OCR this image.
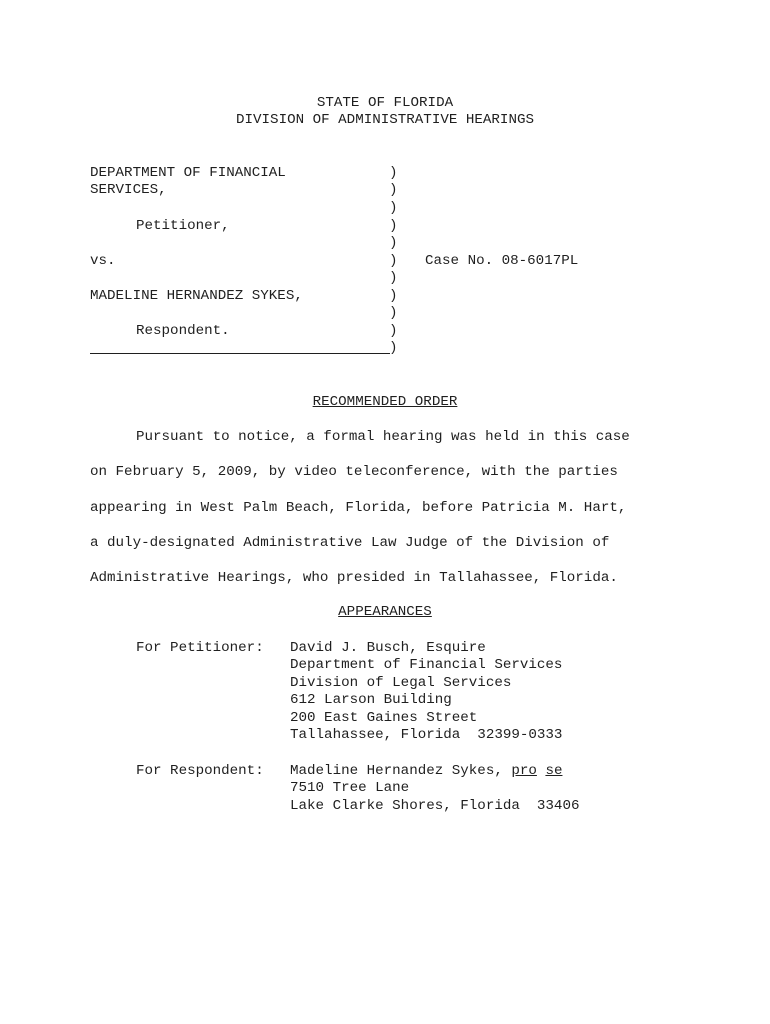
STATE OF FLORIDA
DIVISION OF ADMINISTRATIVE HEARINGS
DEPARTMENT OF FINANCIAL
SERVICES,
Petitioner,
vs.
MADELINE HERNANDEZ SYKES,
Respondent.
)
)
)
)
)
)
)
)
)
)
)
Case No. 08-6017PL
RECOMMENDED ORDER
Pursuant to notice, a formal hearing was held in this case
on February 5, 2009, by video teleconference, with the parties
appearing in West Palm Beach, Florida, before Patricia M. Hart,
a duly-designated Administrative Law Judge of the Division of
Administrative Hearings, who presided in Tallahassee, Florida.
APPEARANCES
For Petitioner: David J. Busch, Esquire
Department of Financial Services
Division of Legal Services
612 Larson Building
200 East Gaines Street
Tallahassee, Florida  32399-0333
For Respondent: Madeline Hernandez Sykes, pro se
7510 Tree Lane
Lake Clarke Shores, Florida  33406
